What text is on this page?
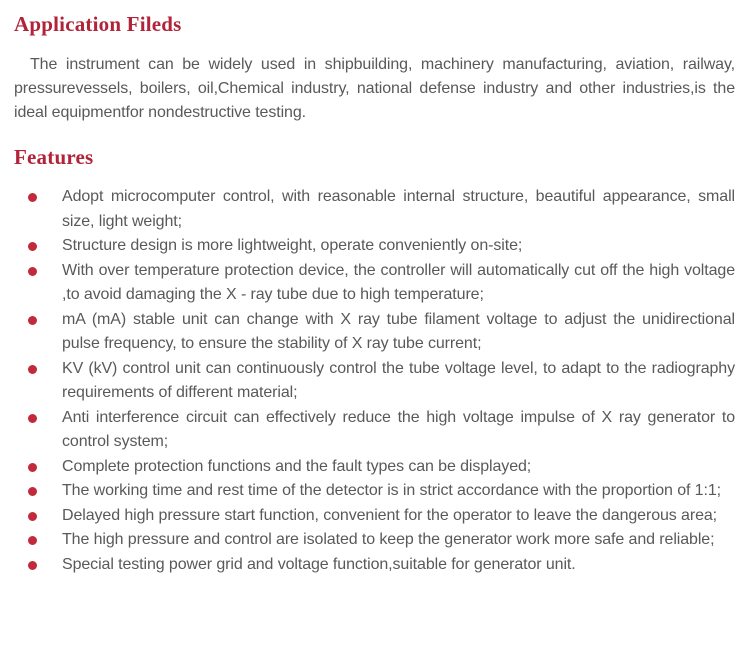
Application Fileds

The instrument can be widely used in shipbuilding, machinery manufacturing, aviation, railway, pressurevessels, boilers, oil,Chemical industry, national defense industry and other industries,is the ideal equipmentfor nondestructive testing.

Features
Adopt microcomputer control, with reasonable internal structure, beautiful appearance, small size, light weight;
Structure design is more lightweight, operate conveniently on-site;
With over temperature protection device, the controller will automatically cut off the high voltage ,to avoid damaging the X - ray tube due to high temperature;
mA (mA) stable unit can change with X ray tube filament voltage to adjust the unidirectional pulse frequency, to ensure the stability of X ray tube current;
KV (kV) control unit can continuously control the tube voltage level, to adapt to the radiography requirements of different material;
Anti interference circuit can effectively reduce the high voltage impulse of X ray generator to control system;
Complete protection functions and the fault types can be displayed;
The working time and rest time of the detector is in strict accordance with the proportion of 1:1;
Delayed high pressure start function, convenient for the operator to leave the dangerous area;
The high pressure and control are isolated to keep the generator work more safe and reliable;
Special testing power grid and voltage function,suitable for generator unit.
